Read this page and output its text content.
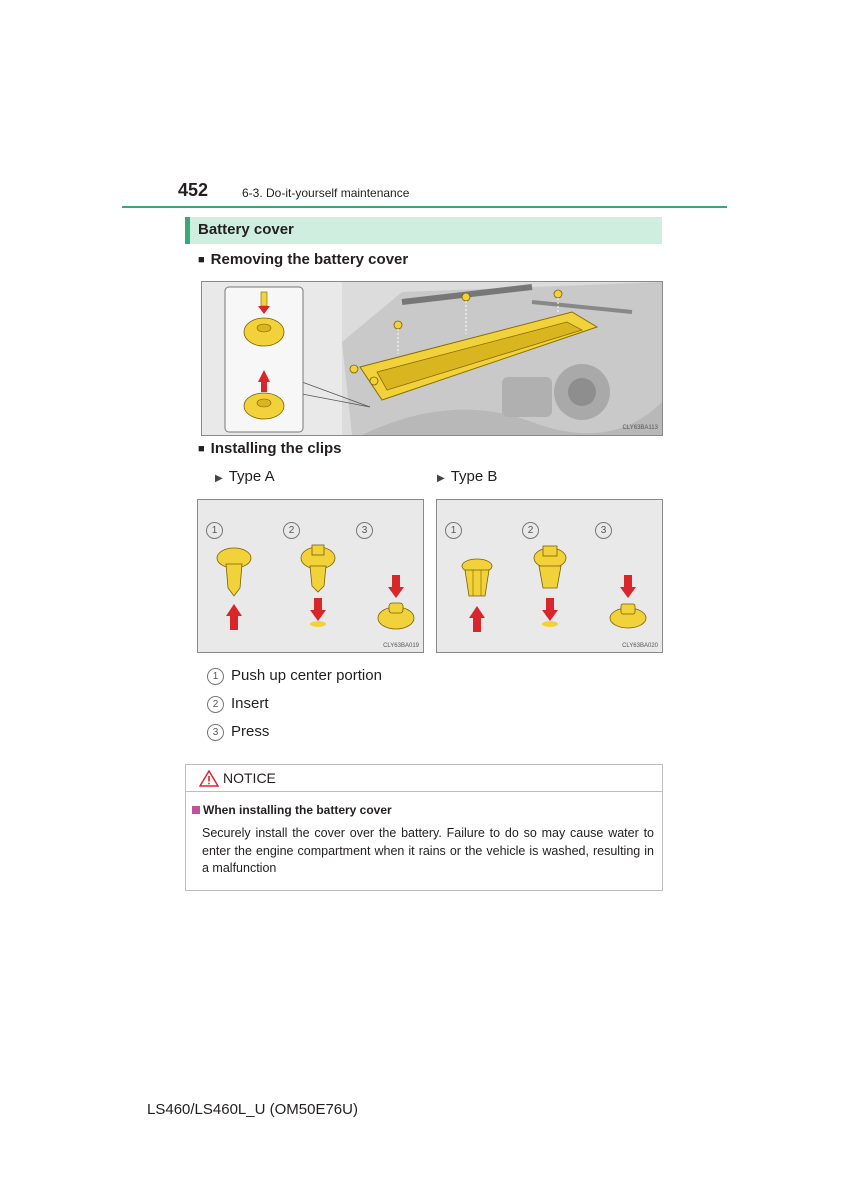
452	6-3. Do-it-yourself maintenance
Battery cover
■ Removing the battery cover
CLY63BA113
■ Installing the clips
▶ Type A	▶ Type B
1	2	3
CLY63BA019
1	2	3
CLY63BA020
1 Push up center portion
2 Insert
3 Press
NOTICE
When installing the battery cover
Securely install the cover over the battery. Failure to do so may cause water to enter the engine compartment when it rains or the vehicle is washed, resulting in a malfunction
LS460/LS460L_U (OM50E76U)
